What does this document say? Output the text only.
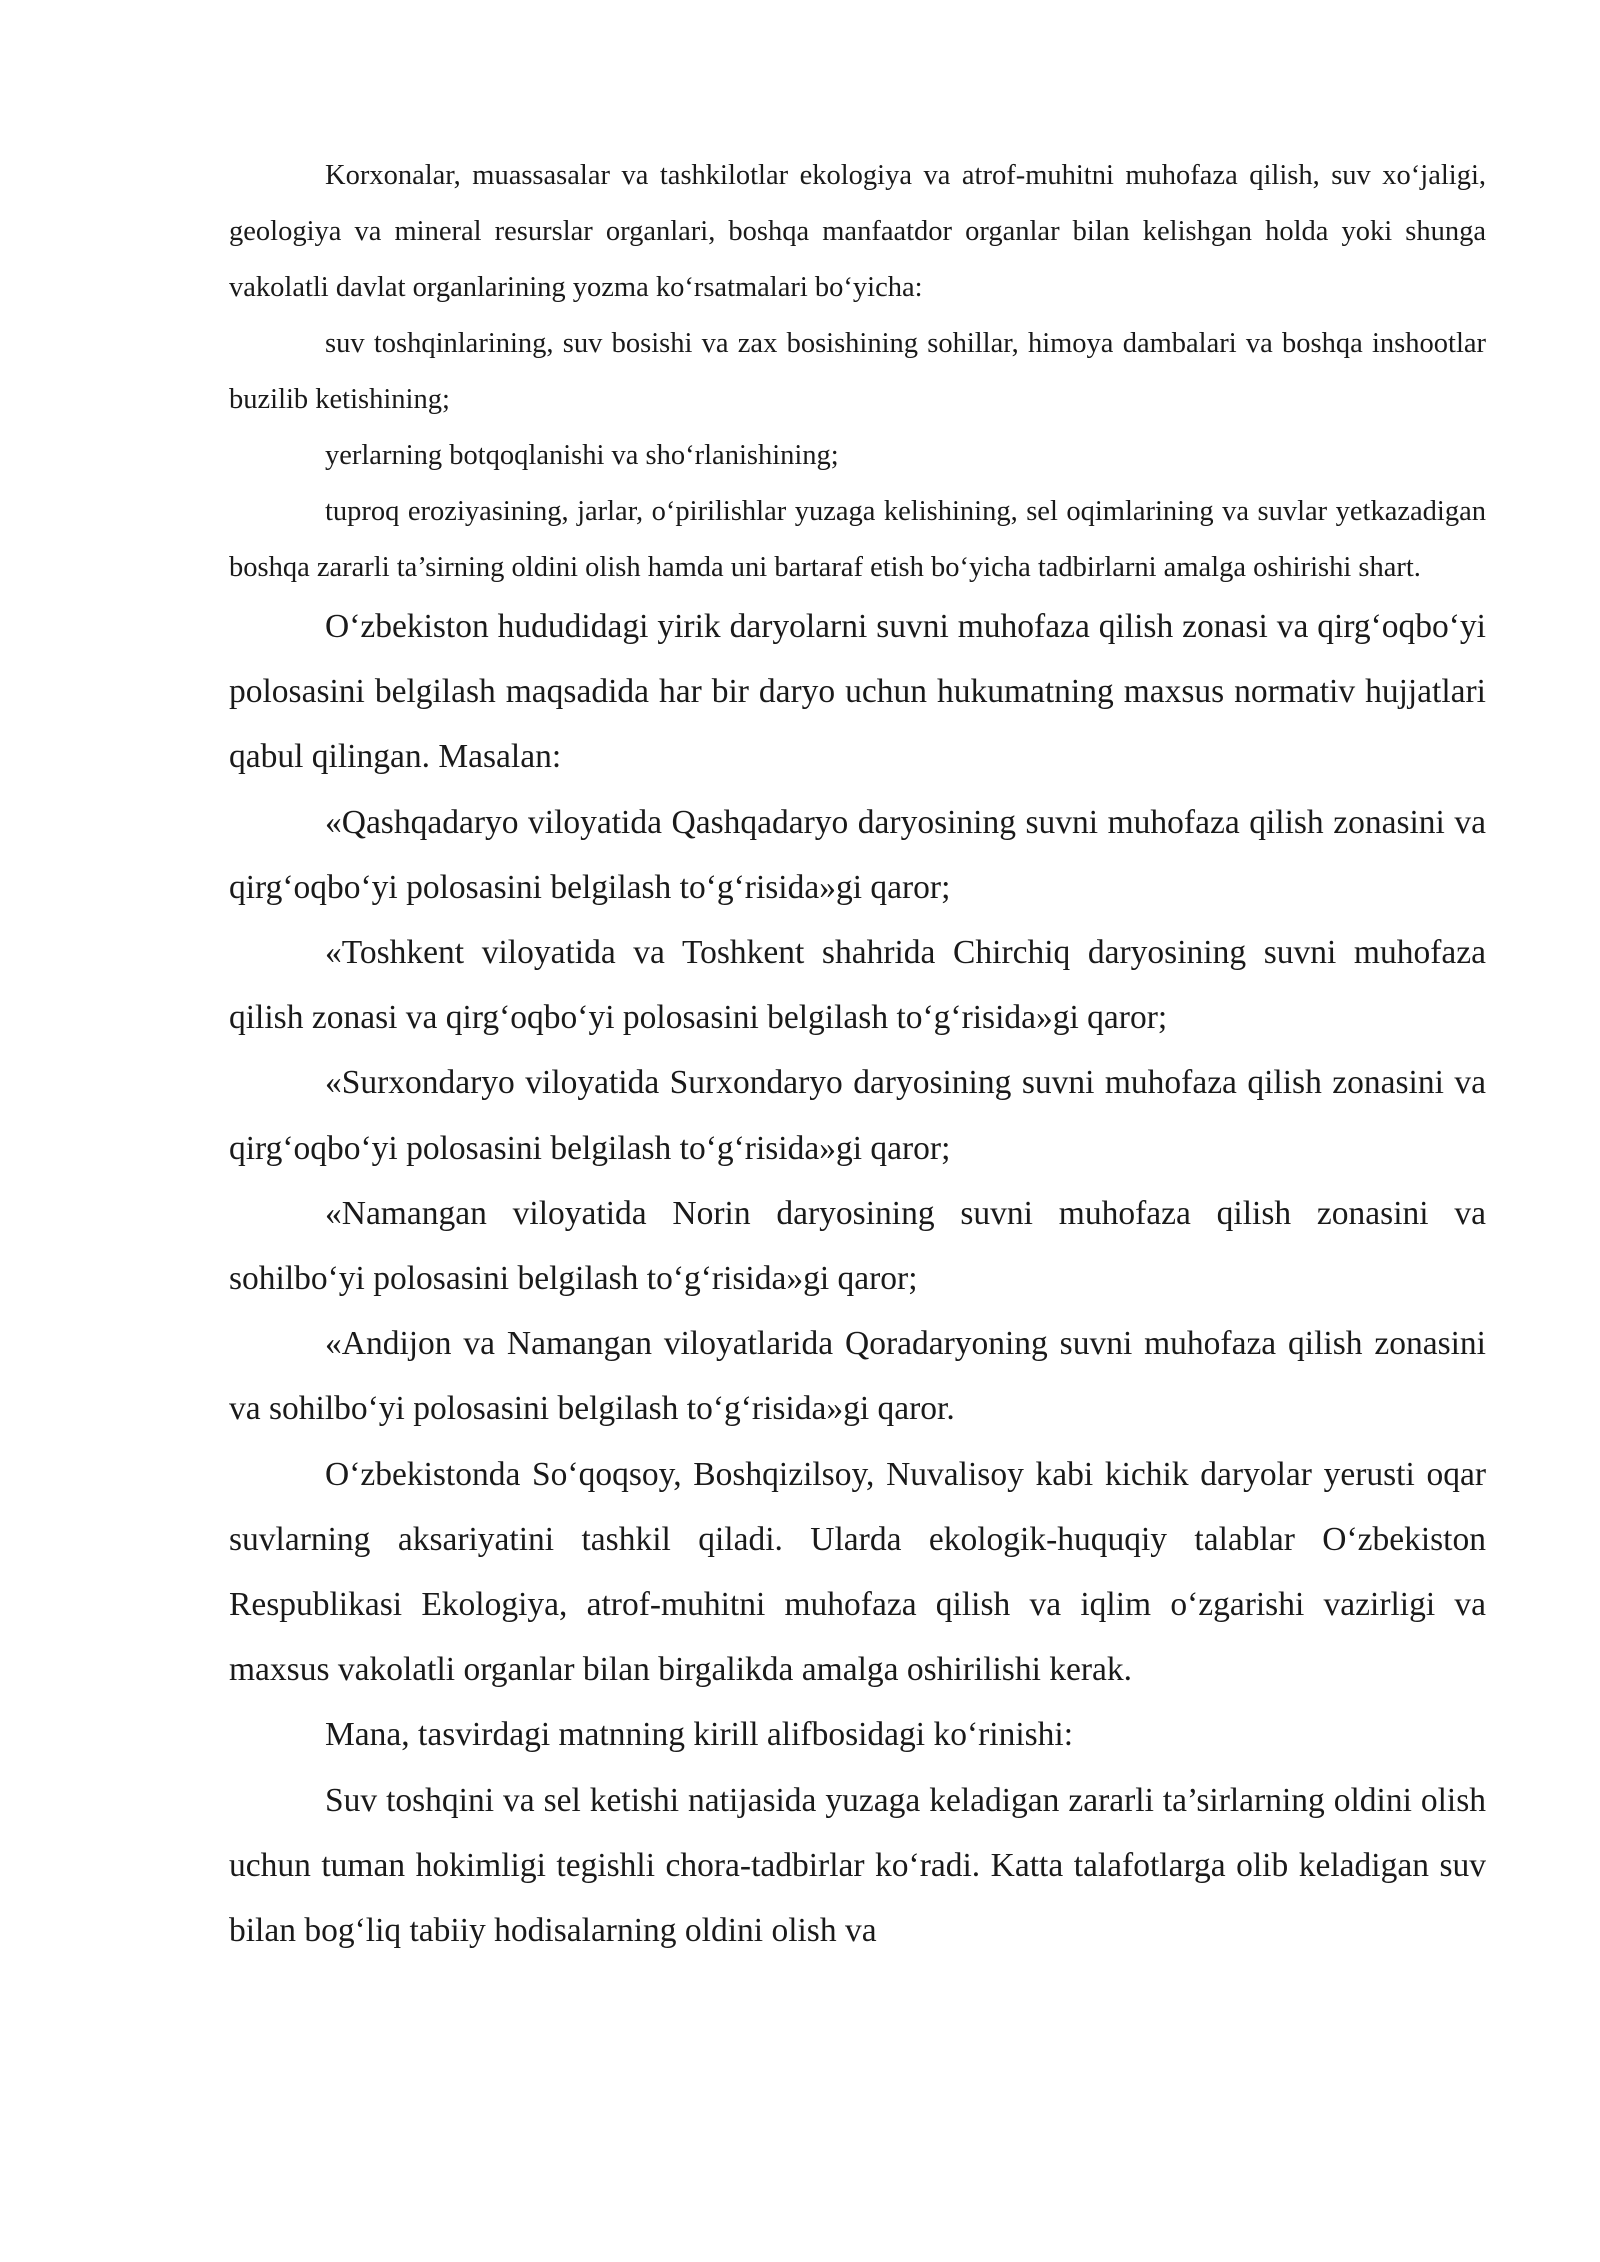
Korxonalar, muassasalar va tashkilotlar ekologiya va atrof-muhitni muhofaza qilish, suv xo‘jaligi, geologiya va mineral resurslar organlari, boshqa manfaatdor organlar bilan kelishgan holda yoki shunga vakolatli davlat organlarining yozma ko‘rsatmalari bo‘yicha:

suv toshqinlarining, suv bosishi va zax bosishining sohillar, himoya dambalari va boshqa inshootlar buzilib ketishining;

yerlarning botqoqlanishi va sho‘rlanishining;

tuproq eroziyasining, jarlar, o‘pirilishlar yuzaga kelishining, sel oqimlarining va suvlar yetkazadigan boshqa zararli ta’sirning oldini olish hamda uni bartaraf etish bo‘yicha tadbirlarni amalga oshirishi shart.

O‘zbekiston hududidagi yirik daryolarni suvni muhofaza qilish zonasi va qirg‘oqbo‘yi polosasini belgilash maqsadida har bir daryo uchun hukumatning maxsus normativ hujjatlari qabul qilingan. Masalan:

«Qashqadaryo viloyatida Qashqadaryo daryosining suvni muhofaza qilish zonasini va qirg‘oqbo‘yi polosasini belgilash to‘g‘risida»gi qaror;

«Toshkent viloyatida va Toshkent shahrida Chirchiq daryosining suvni muhofaza qilish zonasi va qirg‘oqbo‘yi polosasini belgilash to‘g‘risida»gi qaror;

«Surxondaryo viloyatida Surxondaryo daryosining suvni muhofaza qilish zonasini va qirg‘oqbo‘yi polosasini belgilash to‘g‘risida»gi qaror;

«Namangan viloyatida Norin daryosining suvni muhofaza qilish zonasini va sohilbo‘yi polosasini belgilash to‘g‘risida»gi qaror;

«Andijon va Namangan viloyatlarida Qoradaryoning suvni muhofaza qilish zonasini va sohilbo‘yi polosasini belgilash to‘g‘risida»gi qaror.

O‘zbekistonda So‘qoqsoy, Boshqizilsoy, Nuvalisoy kabi kichik daryolar yerusti oqar suvlarning aksariyatini tashkil qiladi. Ularda ekologik-huquqiy talablar O‘zbekiston Respublikasi Ekologiya, atrof-muhitni muhofaza qilish va iqlim o‘zgarishi vazirligi va maxsus vakolatli organlar bilan birgalikda amalga oshirilishi kerak.

Mana, tasvirdagi matnning kirill alifbosidagi ko‘rinishi:

Suv toshqini va sel ketishi natijasida yuzaga keladigan zararli ta’sirlarning oldini olish uchun tuman hokimligi tegishli chora-tadbirlar ko‘radi. Katta talafotlarga olib keladigan suv bilan bog‘liq tabiiy hodisalarning oldini olish va
